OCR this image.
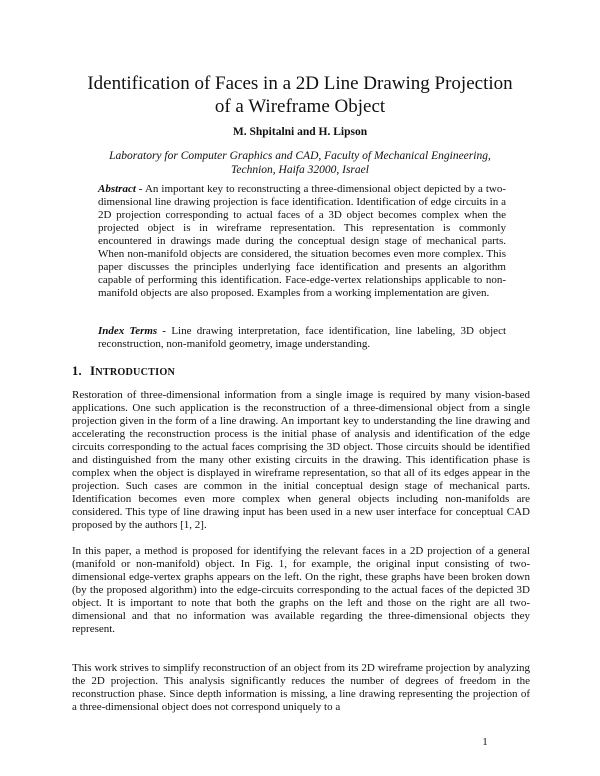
Identification of Faces in a 2D Line Drawing Projection
of a Wireframe Object
M. Shpitalni and H. Lipson
Laboratory for Computer Graphics and CAD, Faculty of Mechanical Engineering,
Technion, Haifa 32000, Israel

Abstract - An important key to reconstructing a three-dimensional object depicted by a two-dimensional line drawing projection is face identification. Identification of edge circuits in a 2D projection corresponding to actual faces of a 3D object becomes complex when the projected object is in wireframe representation. This representation is commonly encountered in drawings made during the conceptual design stage of mechanical parts. When non-manifold objects are considered, the situation becomes even more complex. This paper discusses the principles underlying face identification and presents an algorithm capable of performing this identification. Face-edge-vertex relationships applicable to non-manifold objects are also proposed. Examples from a working implementation are given.

Index Terms - Line drawing interpretation, face identification, line labeling, 3D object reconstruction, non-manifold geometry, image understanding.

1. INTRODUCTION

Restoration of three-dimensional information from a single image is required by many vision-based applications. One such application is the reconstruction of a three-dimensional object from a single projection given in the form of a line drawing. An important key to understanding the line drawing and accelerating the reconstruction process is the initial phase of analysis and identification of the edge circuits corresponding to the actual faces comprising the 3D object. Those circuits should be identified and distinguished from the many other existing circuits in the drawing. This identification phase is complex when the object is displayed in wireframe representation, so that all of its edges appear in the projection. Such cases are common in the initial conceptual design stage of mechanical parts. Identification becomes even more complex when general objects including non-manifolds are considered. This type of line drawing input has been used in a new user interface for conceptual CAD proposed by the authors [1, 2].

In this paper, a method is proposed for identifying the relevant faces in a 2D projection of a general (manifold or non-manifold) object. In Fig. 1, for example, the original input consisting of two-dimensional edge-vertex graphs appears on the left. On the right, these graphs have been broken down (by the proposed algorithm) into the edge-circuits corresponding to the actual faces of the depicted 3D object. It is important to note that both the graphs on the left and those on the right are all two-dimensional and that no information was available regarding the three-dimensional objects they represent.

This work strives to simplify reconstruction of an object from its 2D wireframe projection by analyzing the 2D projection. This analysis significantly reduces the number of degrees of freedom in the reconstruction phase. Since depth information is missing, a line drawing representing the projection of a three-dimensional object does not correspond uniquely to a

1
